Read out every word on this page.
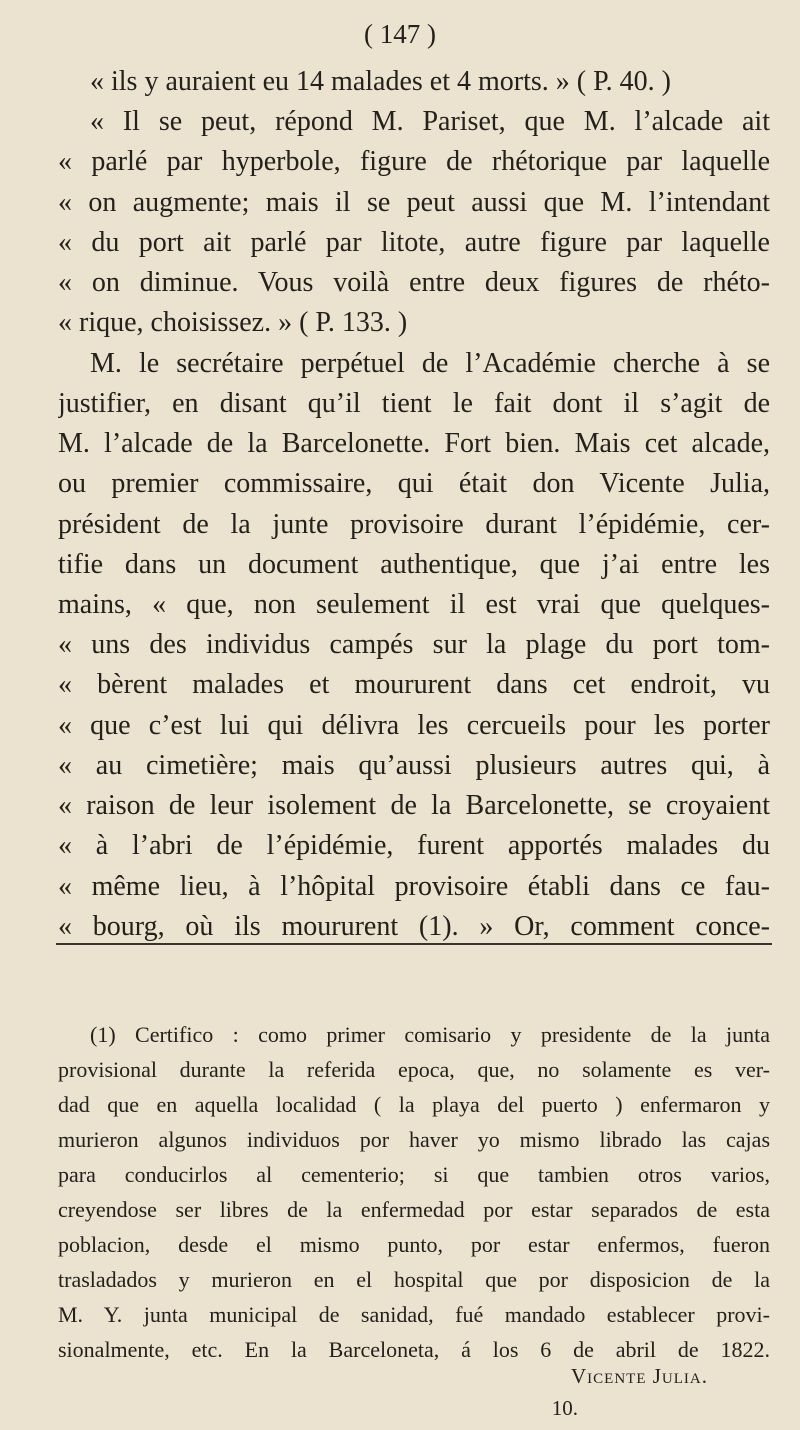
( 147 )
« ils y auraient eu 14 malades et 4 morts. » ( P. 40. )
« Il se peut, répond M. Pariset, que M. l’alcade ait
« parlé par hyperbole, figure de rhétorique par laquelle
« on augmente; mais il se peut aussi que M. l’intendant
« du port ait parlé par litote, autre figure par laquelle
« on diminue. Vous voilà entre deux figures de rhéto-
« rique, choisissez. » ( P. 133. )
M. le secrétaire perpétuel de l’Académie cherche à se
justifier, en disant qu’il tient le fait dont il s’agit de
M. l’alcade de la Barcelonette. Fort bien. Mais cet alcade,
ou premier commissaire, qui était don Vicente Julia,
président de la junte provisoire durant l’épidémie, cer-
tifie dans un document authentique, que j’ai entre les
mains, « que, non seulement il est vrai que quelques-
« uns des individus campés sur la plage du port tom-
« bèrent malades et moururent dans cet endroit, vu
« que c’est lui qui délivra les cercueils pour les porter
« au cimetière; mais qu’aussi plusieurs autres qui, à
« raison de leur isolement de la Barcelonette, se croyaient
« à l’abri de l’épidémie, furent apportés malades du
« même lieu, à l’hôpital provisoire établi dans ce fau-
« bourg, où ils moururent (1). » Or, comment conce-
(1) Certifico : como primer comisario y presidente de la junta
provisional durante la referida epoca, que, no solamente es ver-
dad que en aquella localidad ( la playa del puerto ) enfermaron y
murieron algunos individuos por haver yo mismo librado las cajas
para conducirlos al cementerio; si que tambien otros varios,
creyendose ser libres de la enfermedad por estar separados de esta
poblacion, desde el mismo punto, por estar enfermos, fueron
trasladados y murieron en el hospital que por disposicion de la
M. Y. junta municipal de sanidad, fué mandado establecer provi-
sionalmente, etc. En la Barceloneta, á los 6 de abril de 1822.
Vicente Julia.
10.
